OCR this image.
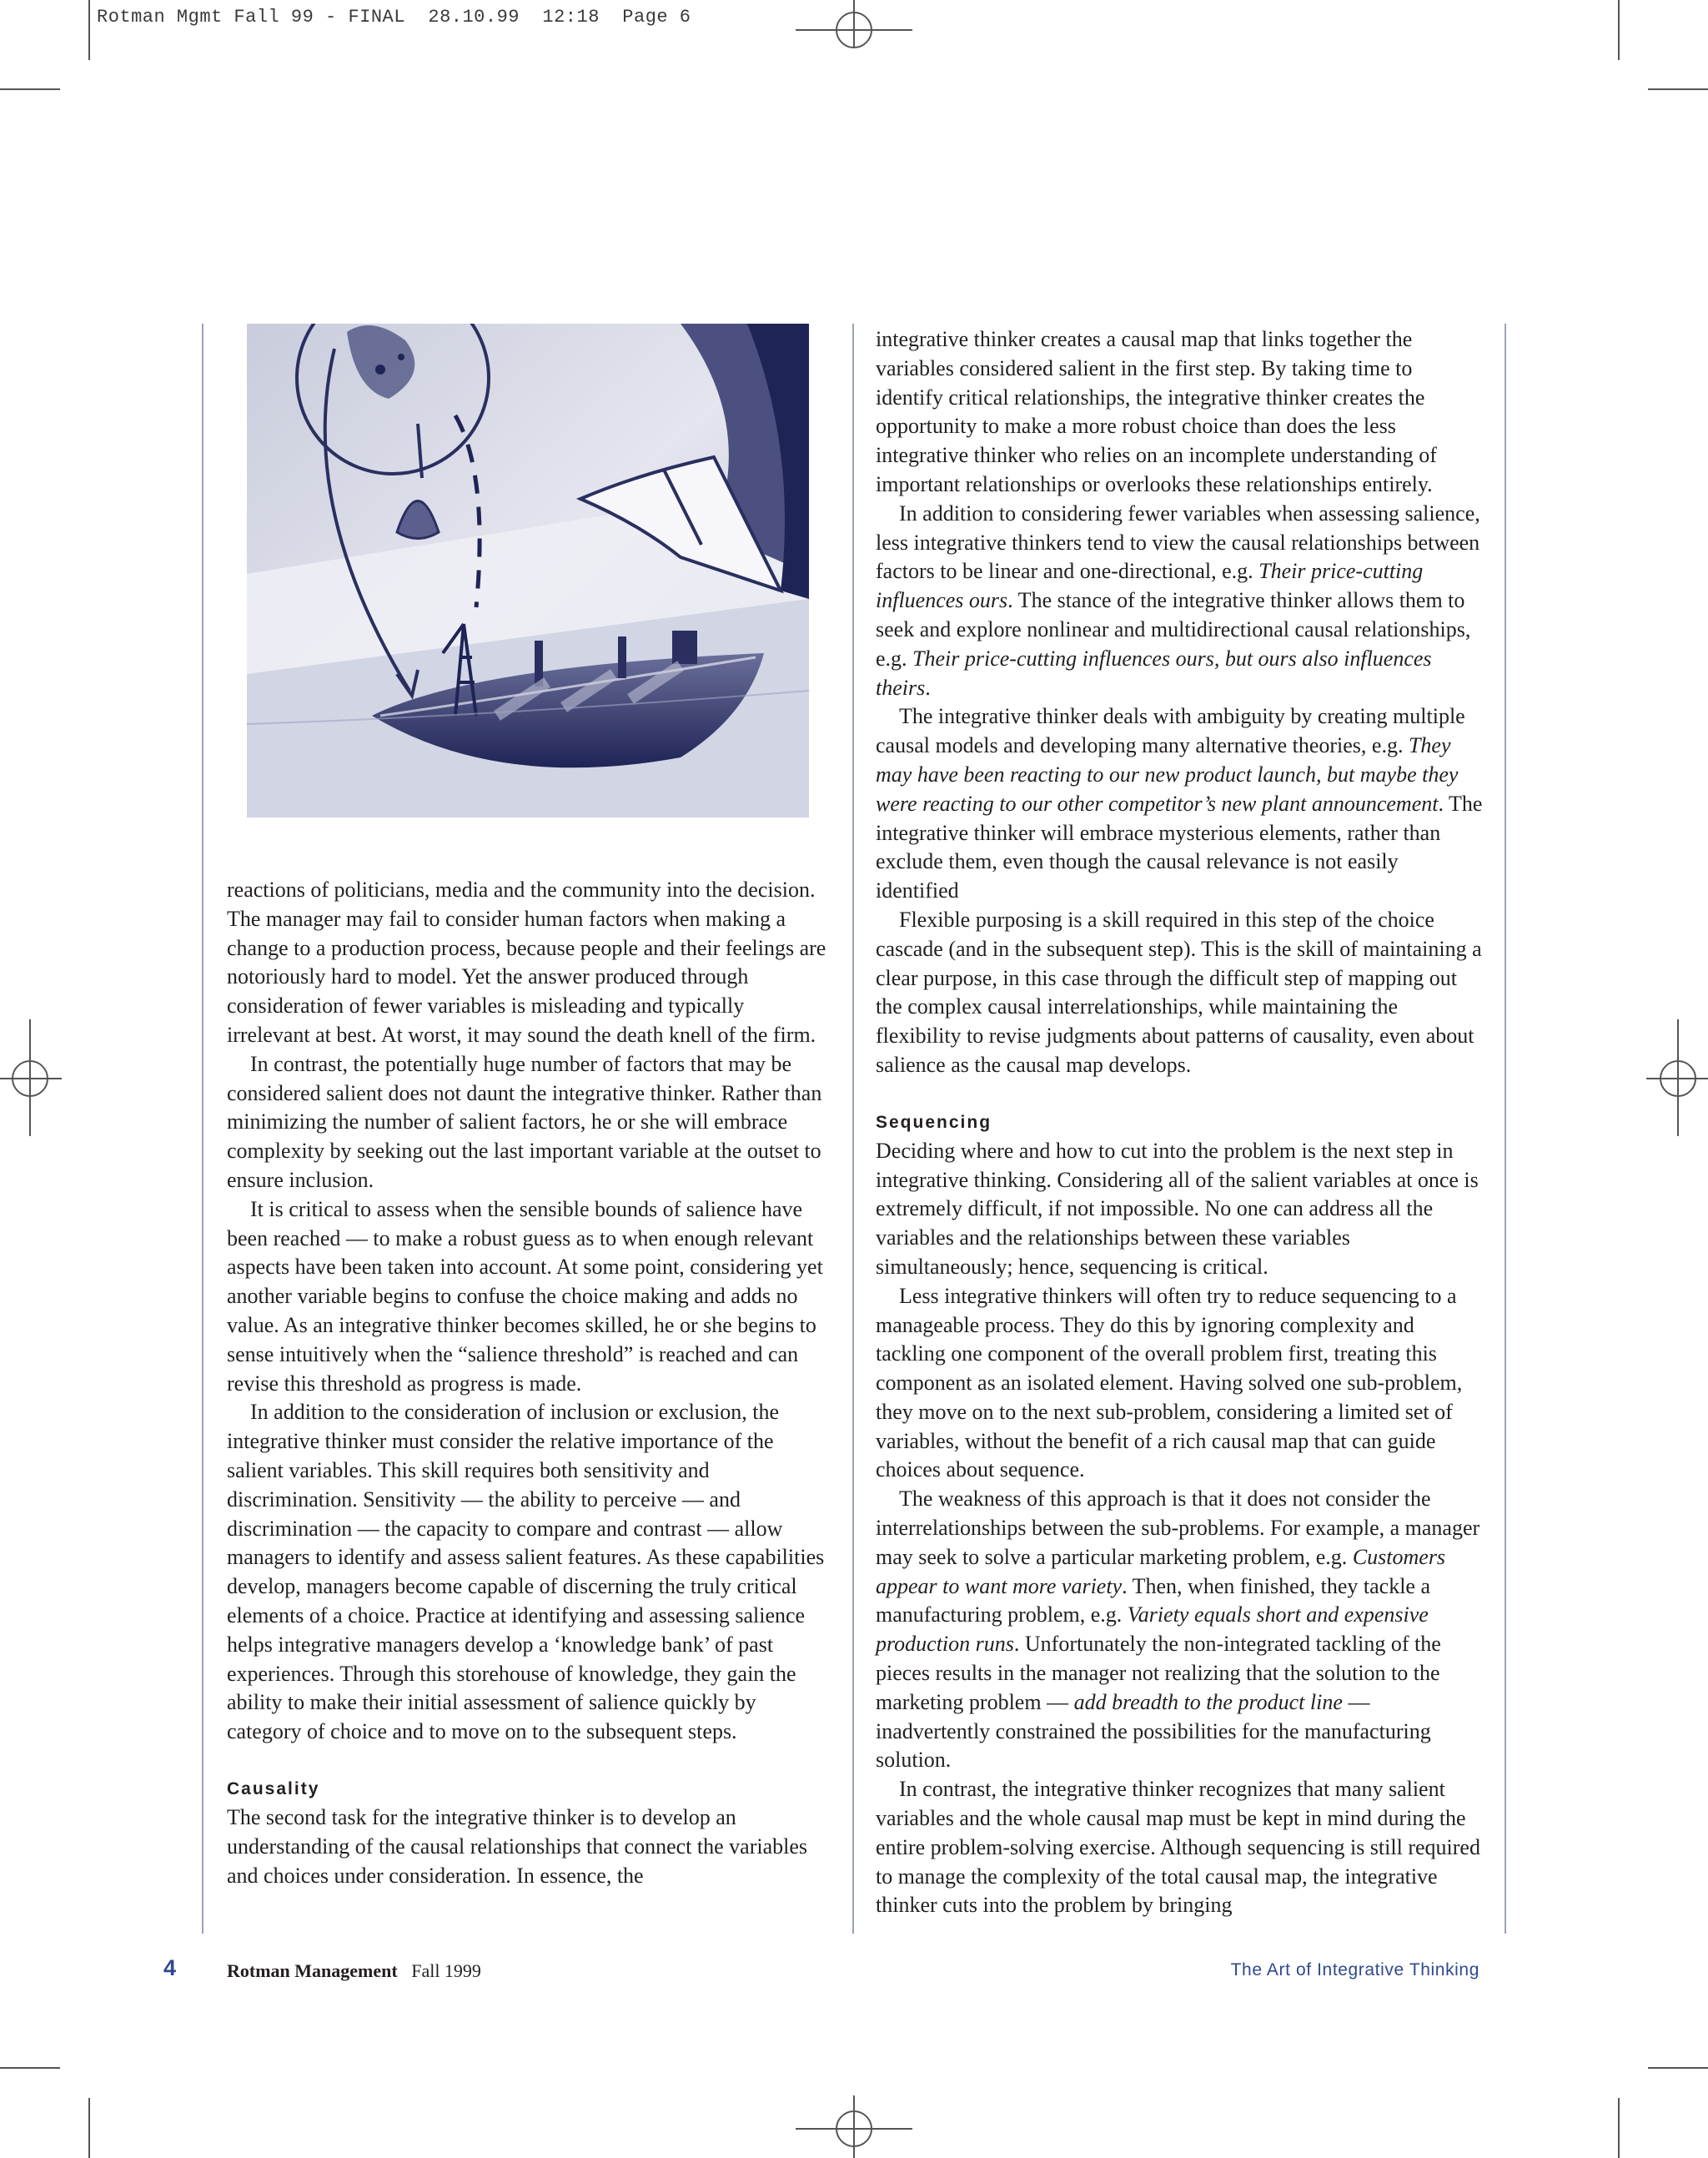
Rotman Mgmt Fall 99 - FINAL  28.10.99  12:18  Page 6

reactions of politicians, media and the community into the decision. The manager may fail to consider human factors when making a change to a production process, because people and their feelings are notoriously hard to model. Yet the answer produced through consideration of fewer variables is misleading and typically irrelevant at best. At worst, it may sound the death knell of the firm.

In contrast, the potentially huge number of factors that may be considered salient does not daunt the integrative thinker. Rather than minimizing the number of salient factors, he or she will embrace complexity by seeking out the last important variable at the outset to ensure inclusion.

It is critical to assess when the sensible bounds of salience have been reached — to make a robust guess as to when enough relevant aspects have been taken into account. At some point, considering yet another variable begins to confuse the choice making and adds no value. As an integrative thinker becomes skilled, he or she begins to sense intuitively when the “salience threshold” is reached and can revise this threshold as progress is made.

In addition to the consideration of inclusion or exclusion, the integrative thinker must consider the relative importance of the salient variables. This skill requires both sensitivity and discrimination. Sensitivity — the ability to perceive — and discrimination — the capacity to compare and contrast — allow managers to identify and assess salient features. As these capabilities develop, managers become capable of discerning the truly critical elements of a choice. Practice at identifying and assessing salience helps integrative managers develop a ‘knowledge bank’ of past experiences. Through this storehouse of knowledge, they gain the ability to make their initial assessment of salience quickly by category of choice and to move on to the subsequent steps.

Causality

The second task for the integrative thinker is to develop an understanding of the causal relationships that connect the variables and choices under consideration. In essence, the

integrative thinker creates a causal map that links together the variables considered salient in the first step. By taking time to identify critical relationships, the integrative thinker creates the opportunity to make a more robust choice than does the less integrative thinker who relies on an incomplete understanding of important relationships or overlooks these relationships entirely.

In addition to considering fewer variables when assessing salience, less integrative thinkers tend to view the causal relationships between factors to be linear and one-directional, e.g. Their price-cutting influences ours. The stance of the integrative thinker allows them to seek and explore nonlinear and multidirectional causal relationships, e.g. Their price-cutting influences ours, but ours also influences theirs.

The integrative thinker deals with ambiguity by creating multiple causal models and developing many alternative theories, e.g. They may have been reacting to our new product launch, but maybe they were reacting to our other competitor’s new plant announcement. The integrative thinker will embrace mysterious elements, rather than exclude them, even though the causal relevance is not easily identified

Flexible purposing is a skill required in this step of the choice cascade (and in the subsequent step). This is the skill of maintaining a clear purpose, in this case through the difficult step of mapping out the complex causal interrelationships, while maintaining the flexibility to revise judgments about patterns of causality, even about salience as the causal map develops.

Sequencing

Deciding where and how to cut into the problem is the next step in integrative thinking. Considering all of the salient variables at once is extremely difficult, if not impossible. No one can address all the variables and the relationships between these variables simultaneously; hence, sequencing is critical.

Less integrative thinkers will often try to reduce sequencing to a manageable process. They do this by ignoring complexity and tackling one component of the overall problem first, treating this component as an isolated element. Having solved one sub-problem, they move on to the next sub-problem, considering a limited set of variables, without the benefit of a rich causal map that can guide choices about sequence.

The weakness of this approach is that it does not consider the interrelationships between the sub-problems. For example, a manager may seek to solve a particular marketing problem, e.g. Customers appear to want more variety. Then, when finished, they tackle a manufacturing problem, e.g. Variety equals short and expensive production runs. Unfortunately the non-integrated tackling of the pieces results in the manager not realizing that the solution to the marketing problem — add breadth to the product line — inadvertently constrained the possibilities for the manufacturing solution.

In contrast, the integrative thinker recognizes that many salient variables and the whole causal map must be kept in mind during the entire problem-solving exercise. Although sequencing is still required to manage the complexity of the total causal map, the integrative thinker cuts into the problem by bringing

4	Rotman Management Fall 1999	The Art of Integrative Thinking
